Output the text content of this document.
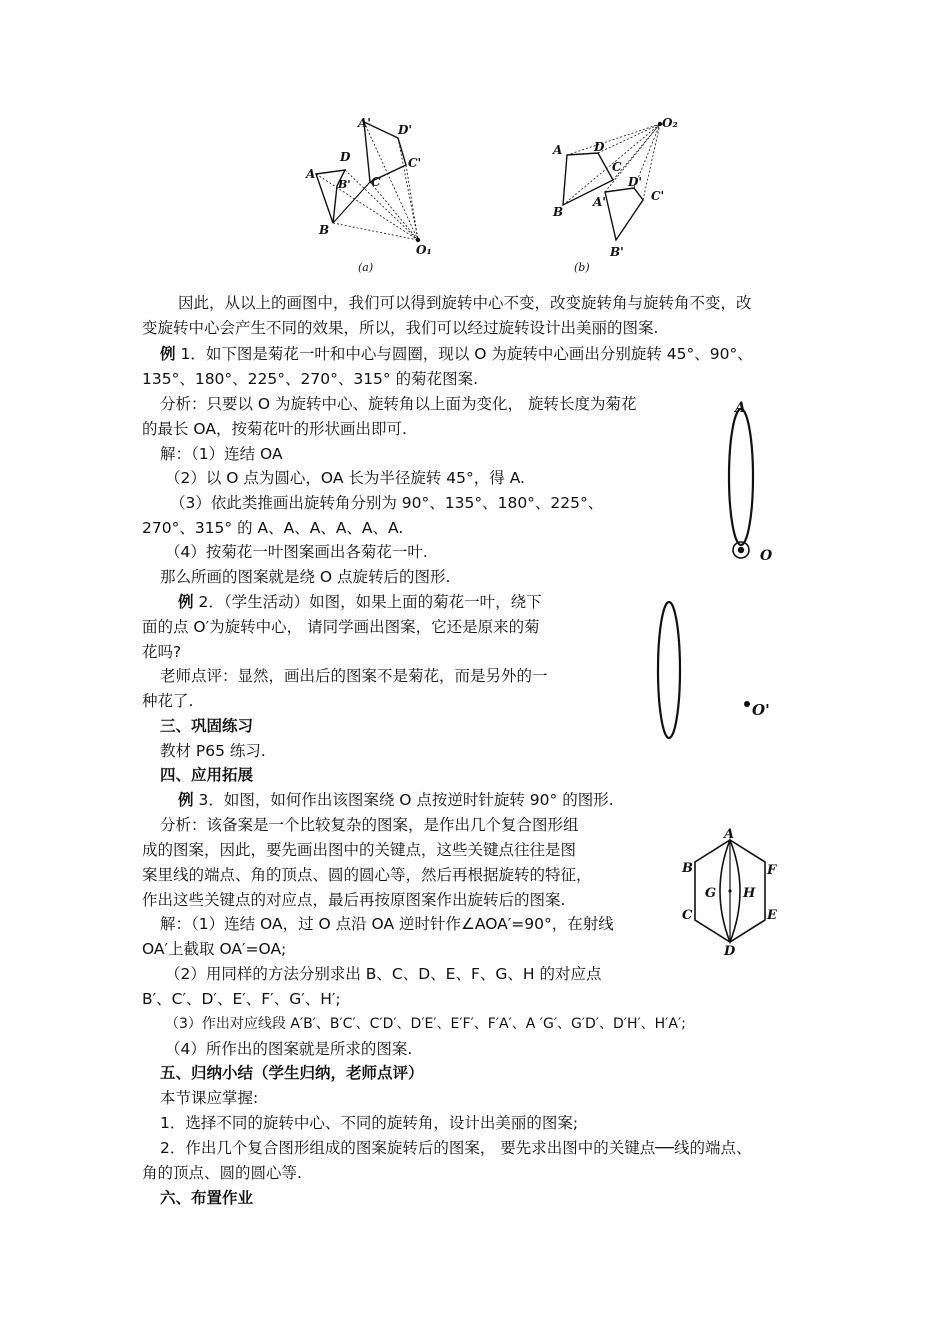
A' D'
D	C'
A
B' C
B
O₁
(a)
O₂
A	D
C
D'
C'
A'
B
B'
(b)
A
O
O'
A
B	F
G H
C	E
D
因此，从以上的画图中，我们可以得到旋转中心不变，改变旋转角与旋转角不变，改
变旋转中心会产生不同的效果，所以，我们可以经过旋转设计出美丽的图案.
例 1．如下图是菊花一叶和中心与圆圈，现以 O 为旋转中心画出分别旋转 45°、90°、
135°、180°、225°、270°、315° 的菊花图案.
分析：只要以 O 为旋转中心、旋转角以上面为变化， 旋转长度为菊花
的最长 OA，按菊花叶的形状画出即可.
解：（1）连结 OA
（2）以 O 点为圆心，OA 长为半径旋转 45°，得 A.
（3）依此类推画出旋转角分别为 90°、135°、180°、225°、
270°、315° 的 A、A、A、A、A、A.
（4）按菊花一叶图案画出各菊花一叶.
那么所画的图案就是绕 O 点旋转后的图形.
例 2．（学生活动）如图，如果上面的菊花一叶，绕下
面的点 O′为旋转中心， 请同学画出图案，它还是原来的菊
花吗?
老师点评：显然，画出后的图案不是菊花，而是另外的一
种花了.
三、巩固练习
教材 P65 练习.
四、应用拓展
例 3．如图，如何作出该图案绕 O 点按逆时针旋转 90° 的图形.
分析：该备案是一个比较复杂的图案，是作出几个复合图形组
成的图案，因此，要先画出图中的关键点，这些关键点往往是图
案里线的端点、角的顶点、圆的圆心等，然后再根据旋转的特征，
作出这些关键点的对应点，最后再按原图案作出旋转后的图案.
解：（1）连结 OA，过 O 点沿 OA 逆时针作∠AOA′=90°，在射线
OA′上截取 OA′=OA;
（2）用同样的方法分别求出 B、C、D、E、F、G、H 的对应点
B′、C′、D′、E′、F′、G′、H′;
（3）作出对应线段 A′B′、B′C′、C′D′、D′E′、E′F′、F′A′、A ′G′、G′D′、D′H′、H′A′;
（4）所作出的图案就是所求的图案.
五、归纳小结（学生归纳，老师点评）
本节课应掌握:
1．选择不同的旋转中心、不同的旋转角，设计出美丽的图案;
2．作出几个复合图形组成的图案旋转后的图案， 要先求出图中的关键点──线的端点、
角的顶点、圆的圆心等.
六、布置作业
